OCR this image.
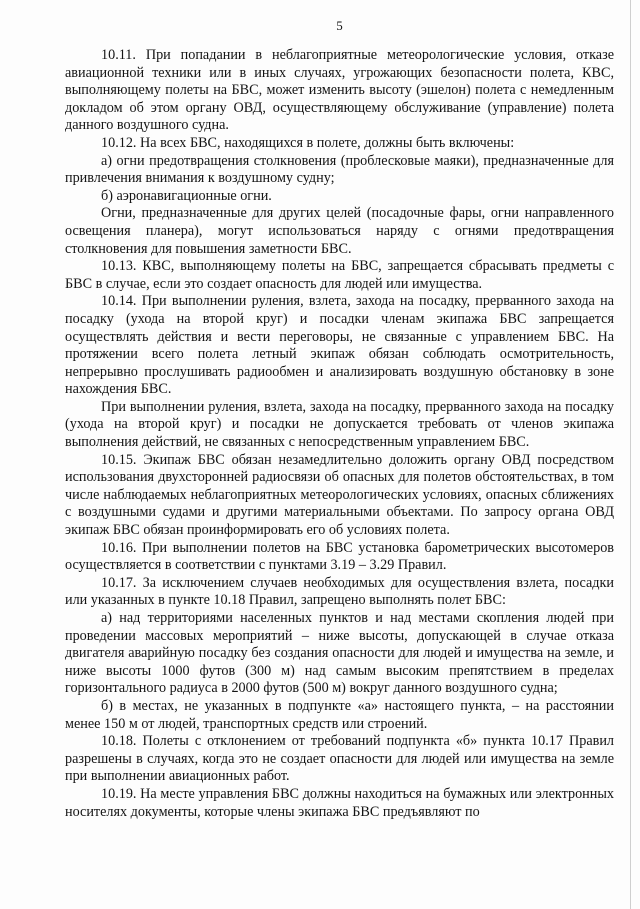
5

10.11. При попадании в неблагоприятные метеорологические условия, отказе авиационной техники или в иных случаях, угрожающих безопасности полета, КВС, выполняющему полеты на БВС, может изменить высоту (эшелон) полета с немедленным докладом об этом органу ОВД, осуществляющему обслуживание (управление) полета данного воздушного судна.

10.12. На всех БВС, находящихся в полете, должны быть включены:

а) огни предотвращения столкновения (проблесковые маяки), предназначенные для привлечения внимания к воздушному судну;

б) аэронавигационные огни.

Огни, предназначенные для других целей (посадочные фары, огни направленного освещения планера), могут использоваться наряду с огнями предотвращения столкновения для повышения заметности БВС.

10.13. КВС, выполняющему полеты на БВС, запрещается сбрасывать предметы с БВС в случае, если это создает опасность для людей или имущества.

10.14. При выполнении руления, взлета, захода на посадку, прерванного захода на посадку (ухода на второй круг) и посадки членам экипажа БВС запрещается осуществлять действия и вести переговоры, не связанные с управлением БВС. На протяжении всего полета летный экипаж обязан соблюдать осмотрительность, непрерывно прослушивать радиообмен и анализировать воздушную обстановку в зоне нахождения БВС.

При выполнении руления, взлета, захода на посадку, прерванного захода на посадку (ухода на второй круг) и посадки не допускается требовать от членов экипажа выполнения действий, не связанных с непосредственным управлением БВС.

10.15. Экипаж БВС обязан незамедлительно доложить органу ОВД посредством использования двухсторонней радиосвязи об опасных для полетов обстоятельствах, в том числе наблюдаемых неблагоприятных метеорологических условиях, опасных сближениях с воздушными судами и другими материальными объектами. По запросу органа ОВД экипаж БВС обязан проинформировать его об условиях полета.

10.16. При выполнении полетов на БВС установка барометрических высотомеров осуществляется в соответствии с пунктами 3.19 – 3.29 Правил.

10.17. За исключением случаев необходимых для осуществления взлета, посадки или указанных в пункте 10.18 Правил, запрещено выполнять полет БВС:

а) над территориями населенных пунктов и над местами скопления людей при проведении массовых мероприятий – ниже высоты, допускающей в случае отказа двигателя аварийную посадку без создания опасности для людей и имущества на земле, и ниже высоты 1000 футов (300 м) над самым высоким препятствием в пределах горизонтального радиуса в 2000 футов (500 м) вокруг данного воздушного судна;

б) в местах, не указанных в подпункте «а» настоящего пункта, – на расстоянии менее 150 м от людей, транспортных средств или строений.

10.18. Полеты с отклонением от требований подпункта «б» пункта 10.17 Правил разрешены в случаях, когда это не создает опасности для людей или имущества на земле при выполнении авиационных работ.

10.19. На месте управления БВС должны находиться на бумажных или электронных носителях документы, которые члены экипажа БВС предъявляют по
